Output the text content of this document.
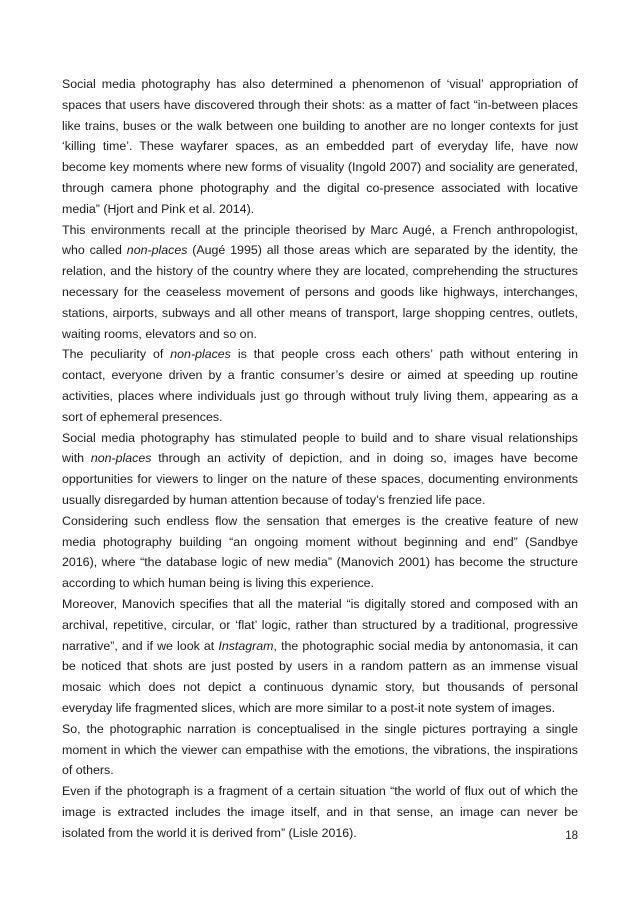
Social media photography has also determined a phenomenon of ‘visual’ appropriation of spaces that users have discovered through their shots: as a matter of fact “in-between places like trains, buses or the walk between one building to another are no longer contexts for just ‘killing time’. These wayfarer spaces, as an embedded part of everyday life, have now become key moments where new forms of visuality (Ingold 2007) and sociality are generated, through camera phone photography and the digital co-presence associated with locative media” (Hjort and Pink et al. 2014).

This environments recall at the principle theorised by Marc Augé, a French anthropologist, who called non-places (Augé 1995) all those areas which are separated by the identity, the relation, and the history of the country where they are located, comprehending the structures necessary for the ceaseless movement of persons and goods like highways, interchanges, stations, airports, subways and all other means of transport, large shopping centres, outlets, waiting rooms, elevators and so on.

The peculiarity of non-places is that people cross each others’ path without entering in contact, everyone driven by a frantic consumer’s desire or aimed at speeding up routine activities, places where individuals just go through without truly living them, appearing as a sort of ephemeral presences.

Social media photography has stimulated people to build and to share visual relationships with non-places through an activity of depiction, and in doing so, images have become opportunities for viewers to linger on the nature of these spaces, documenting environments usually disregarded by human attention because of today’s frenzied life pace.

Considering such endless flow the sensation that emerges is the creative feature of new media photography building “an ongoing moment without beginning and end” (Sandbye 2016), where “the database logic of new media” (Manovich 2001) has become the structure according to which human being is living this experience.

Moreover, Manovich specifies that all the material “is digitally stored and composed with an archival, repetitive, circular, or ‘flat’ logic, rather than structured by a traditional, progressive narrative”, and if we look at Instagram, the photographic social media by antonomasia, it can be noticed that shots are just posted by users in a random pattern as an immense visual mosaic which does not depict a continuous dynamic story, but thousands of personal everyday life fragmented slices, which are more similar to a post-it note system of images.

So, the photographic narration is conceptualised in the single pictures portraying a single moment in which the viewer can empathise with the emotions, the vibrations, the inspirations of others.

Even if the photograph is a fragment of a certain situation “the world of flux out of which the image is extracted includes the image itself, and in that sense, an image can never be isolated from the world it is derived from” (Lisle 2016).	18
